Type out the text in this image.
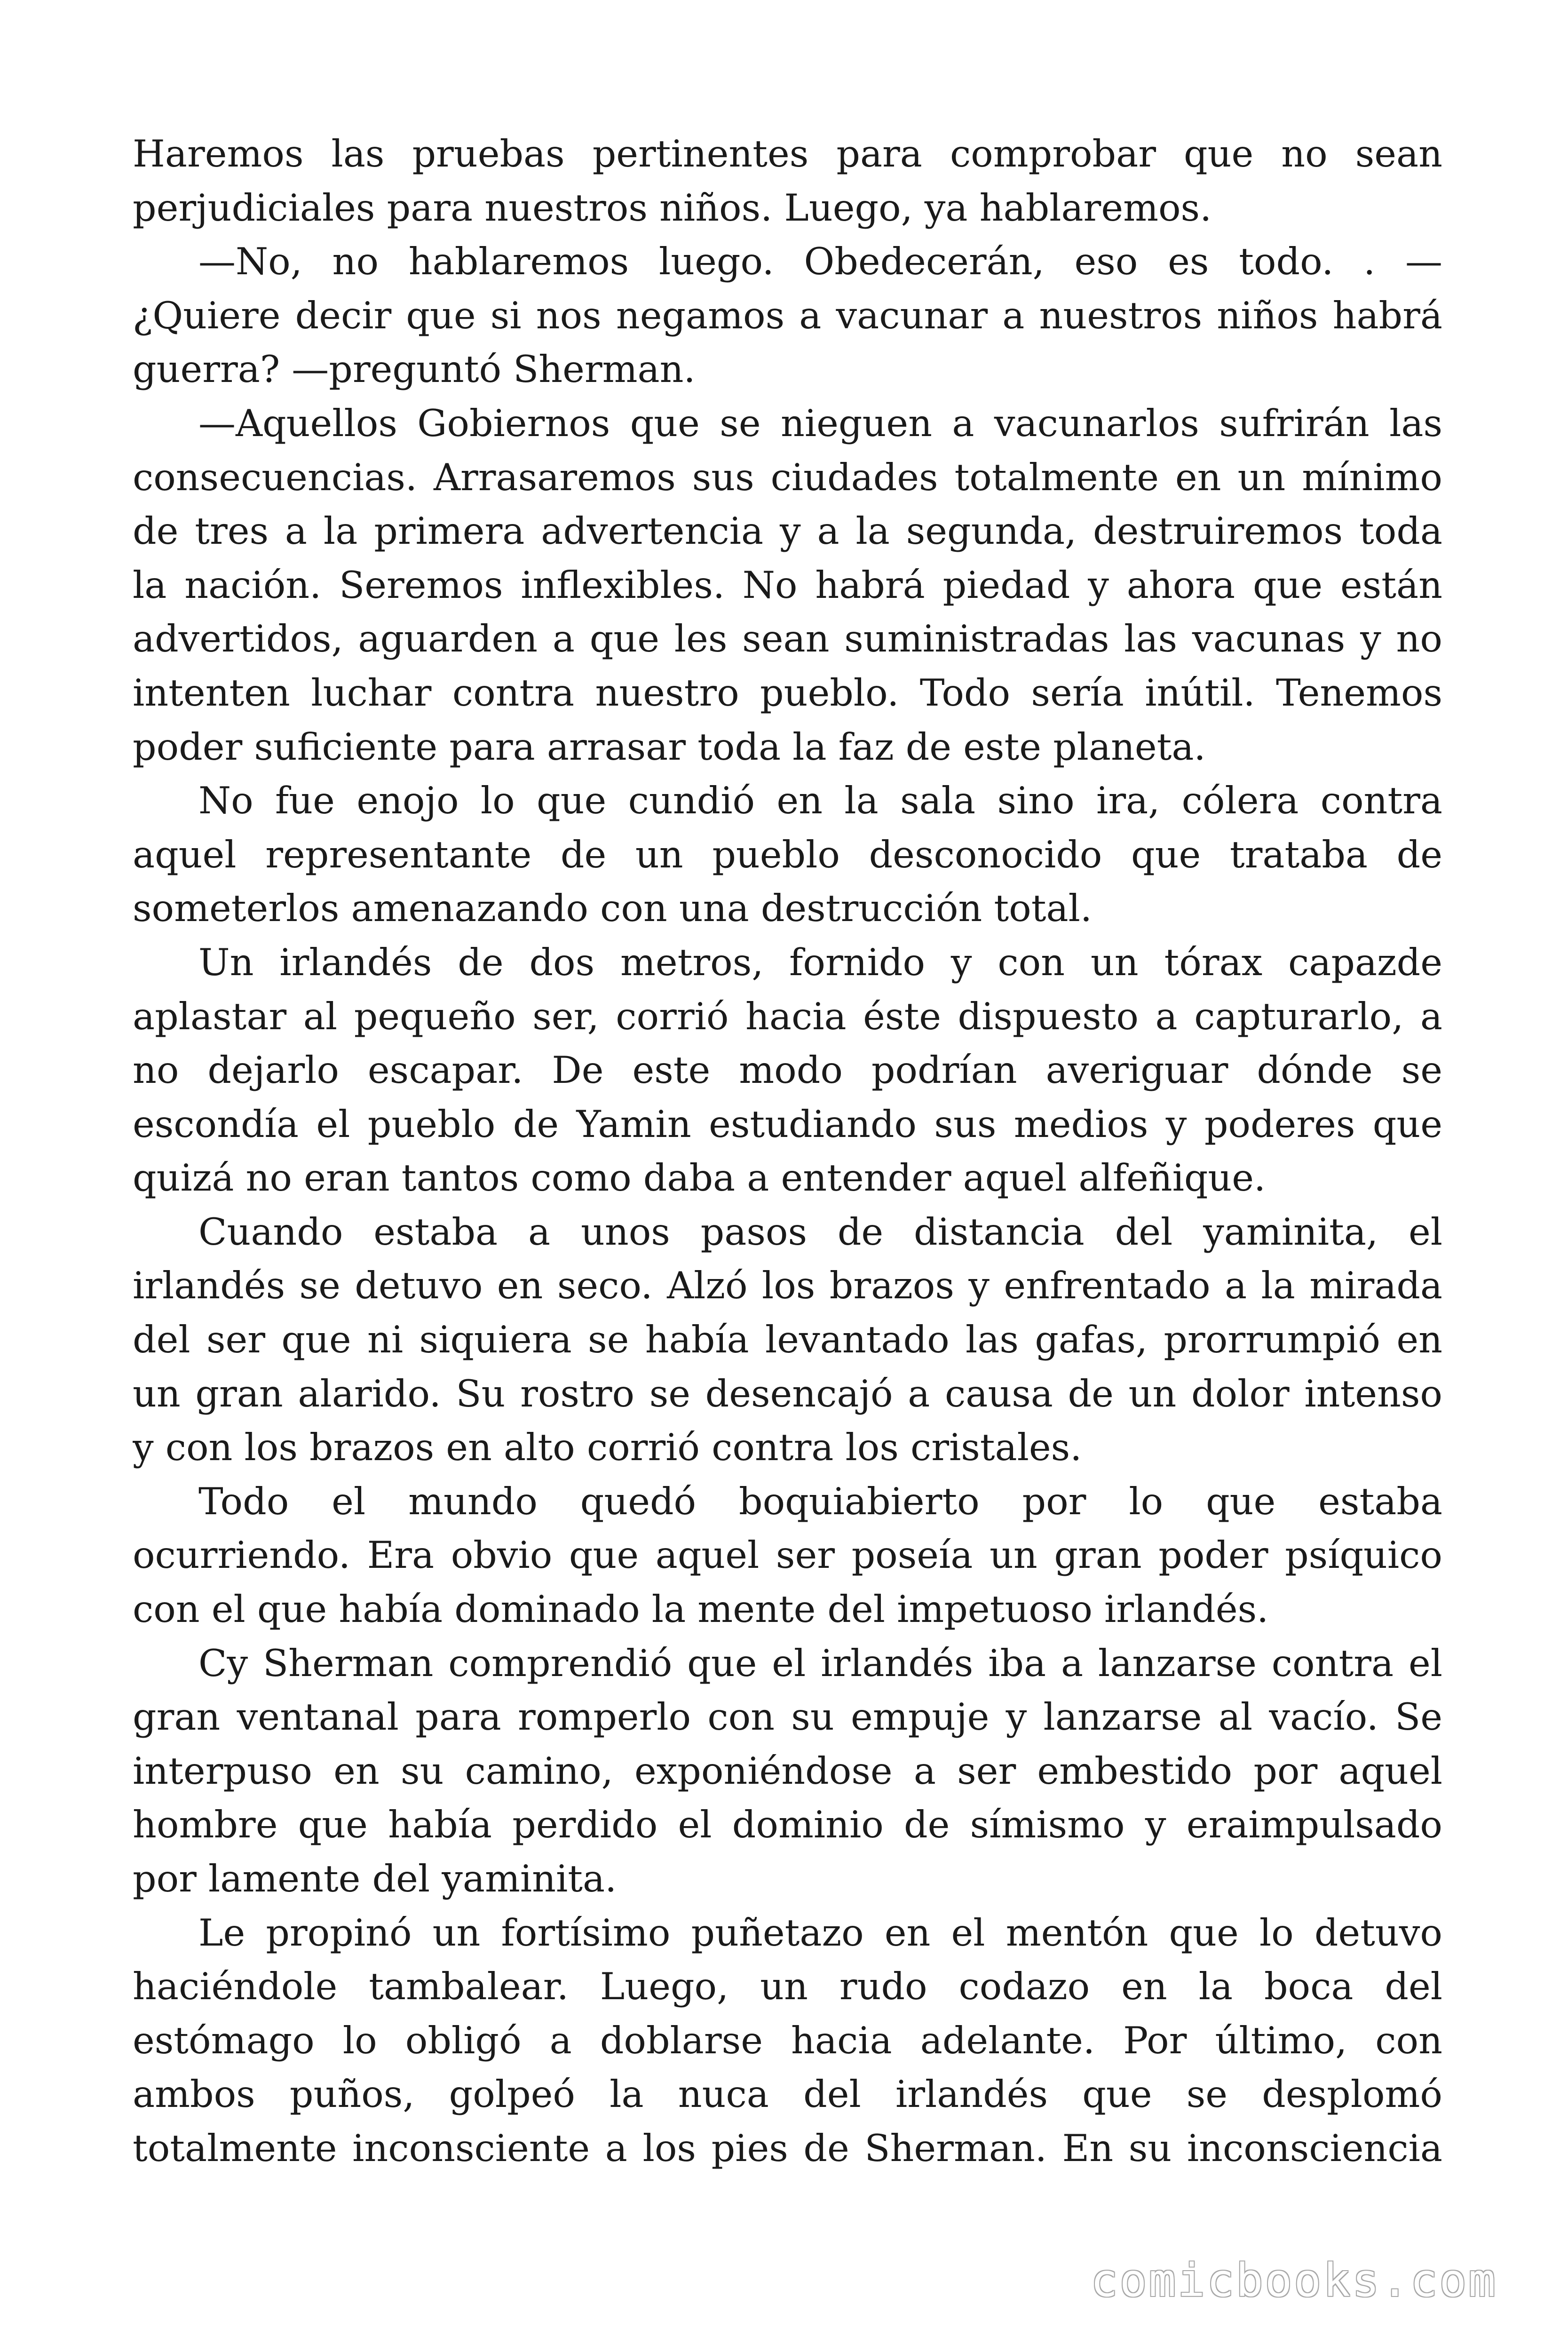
Haremos las pruebas pertinentes para comprobar que no sean
perjudiciales para nuestros niños. Luego, ya hablaremos.
—No, no hablaremos luego. Obedecerán, eso es todo. . —
¿Quiere decir que si nos negamos a vacunar a nuestros niños habrá
guerra? —preguntó Sherman.
—Aquellos Gobiernos que se nieguen a vacunarlos sufrirán las
consecuencias. Arrasaremos sus ciudades totalmente en un mínimo
de tres a la primera advertencia y a la segunda, destruiremos toda
la nación. Seremos inflexibles. No habrá piedad y ahora que están
advertidos, aguarden a que les sean suministradas las vacunas y no
intenten luchar contra nuestro pueblo. Todo sería inútil. Tenemos
poder suficiente para arrasar toda la faz de este planeta.
No fue enojo lo que cundió en la sala sino ira, cólera contra
aquel representante de un pueblo desconocido que trataba de
someterlos amenazando con una destrucción total.
Un irlandés de dos metros, fornido y con un tórax capazde
aplastar al pequeño ser, corrió hacia éste dispuesto a capturarlo, a
no dejarlo escapar. De este modo podrían averiguar dónde se
escondía el pueblo de Yamin estudiando sus medios y poderes que
quizá no eran tantos como daba a entender aquel alfeñique.
Cuando estaba a unos pasos de distancia del yaminita, el
irlandés se detuvo en seco. Alzó los brazos y enfrentado a la mirada
del ser que ni siquiera se había levantado las gafas, prorrumpió en
un gran alarido. Su rostro se desencajó a causa de un dolor intenso
y con los brazos en alto corrió contra los cristales.
Todo el mundo quedó boquiabierto por lo que estaba
ocurriendo. Era obvio que aquel ser poseía un gran poder psíquico
con el que había dominado la mente del impetuoso irlandés.
Cy Sherman comprendió que el irlandés iba a lanzarse contra el
gran ventanal para romperlo con su empuje y lanzarse al vacío. Se
interpuso en su camino, exponiéndose a ser embestido por aquel
hombre que había perdido el dominio de símismo y eraimpulsado
por lamente del yaminita.
Le propinó un fortísimo puñetazo en el mentón que lo detuvo
haciéndole tambalear. Luego, un rudo codazo en la boca del
estómago lo obligó a doblarse hacia adelante. Por último, con
ambos puños, golpeó la nuca del irlandés que se desplomó
totalmente inconsciente a los pies de Sherman. En su inconsciencia
comicbooks.com
